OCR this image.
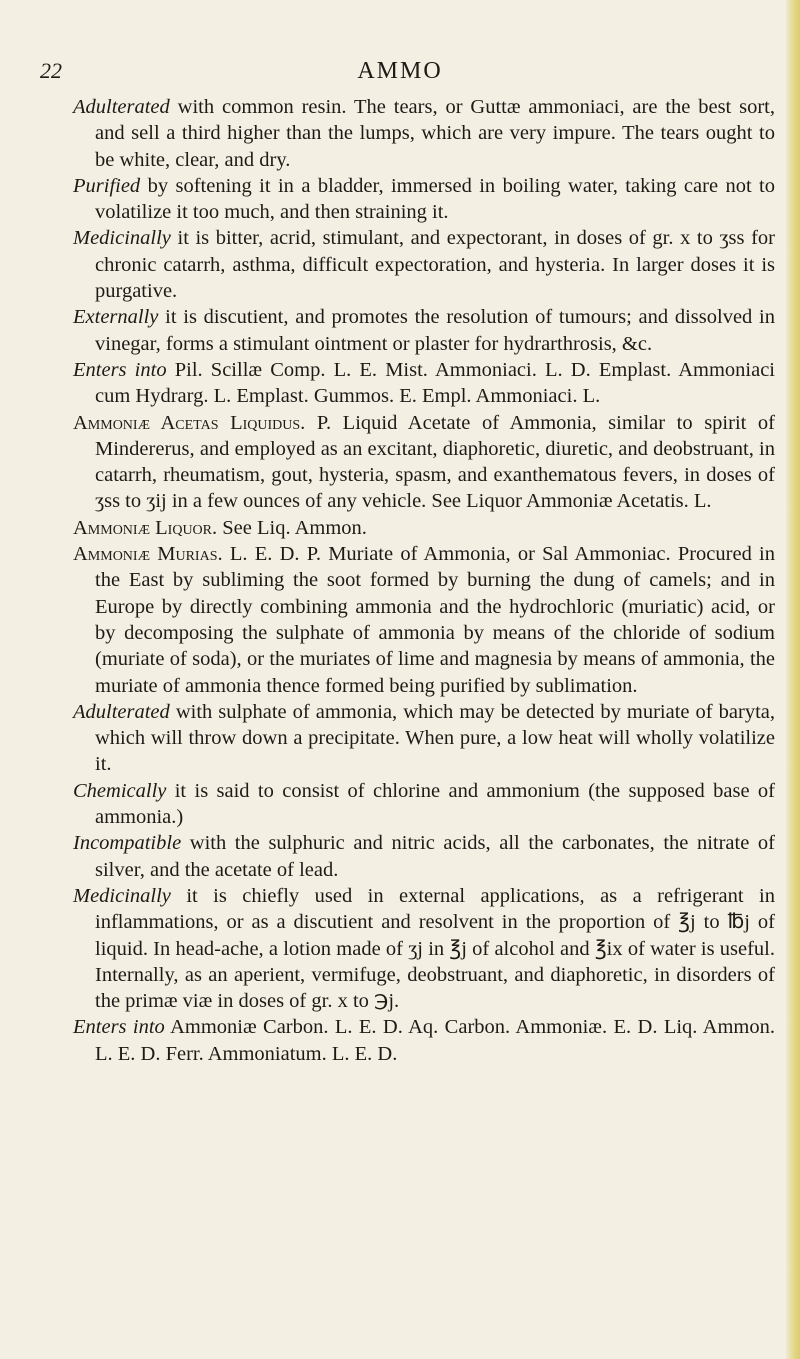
22	AMMO

Adulterated with common resin. The tears, or Guttæ ammoniaci, are the best sort, and sell a third higher than the lumps, which are very impure. The tears ought to be white, clear, and dry.

Purified by softening it in a bladder, immersed in boiling water, taking care not to volatilize it too much, and then straining it.

Medicinally it is bitter, acrid, stimulant, and expectorant, in doses of gr. x to ʒss for chronic catarrh, asthma, difficult expectoration, and hysteria. In larger doses it is purgative.

Externally it is discutient, and promotes the resolution of tumours; and dissolved in vinegar, forms a stimulant ointment or plaster for hydrarthrosis, &c.

Enters into Pil. Scillæ Comp. L. E. Mist. Ammoniaci. L. D. Emplast. Ammoniaci cum Hydrarg. L. Emplast. Gummos. E. Empl. Ammoniaci. L.

Ammoniæ Acetas Liquidus. P. Liquid Acetate of Ammonia, similar to spirit of Mindererus, and employed as an excitant, diaphoretic, diuretic, and deobstruant, in catarrh, rheumatism, gout, hysteria, spasm, and exanthematous fevers, in doses of ʒss to ʒij in a few ounces of any vehicle. See Liquor Ammoniæ Acetatis. L.

Ammoniæ Liquor. See Liq. Ammon.

Ammoniæ Murias. L. E. D. P. Muriate of Ammonia, or Sal Ammoniac. Procured in the East by subliming the soot formed by burning the dung of camels; and in Europe by directly combining ammonia and the hydrochloric (muriatic) acid, or by decomposing the sulphate of ammonia by means of the chloride of sodium (muriate of soda), or the muriates of lime and magnesia by means of ammonia, the muriate of ammonia thence formed being purified by sublimation.

Adulterated with sulphate of ammonia, which may be detected by muriate of baryta, which will throw down a precipitate. When pure, a low heat will wholly volatilize it.

Chemically it is said to consist of chlorine and ammonium (the supposed base of ammonia.)

Incompatible with the sulphuric and nitric acids, all the carbonates, the nitrate of silver, and the acetate of lead.

Medicinally it is chiefly used in external applications, as a refrigerant in inflammations, or as a discutient and resolvent in the proportion of ℥j to ℔j of liquid. In head-ache, a lotion made of ʒj in ℥j of alcohol and ℥ix of water is useful. Internally, as an aperient, vermifuge, deobstruant, and diaphoretic, in disorders of the primæ viæ in doses of gr. x to ℈j.

Enters into Ammoniæ Carbon. L. E. D. Aq. Carbon. Ammoniæ. E. D. Liq. Ammon. L. E. D. Ferr. Ammoniatum. L. E. D.
